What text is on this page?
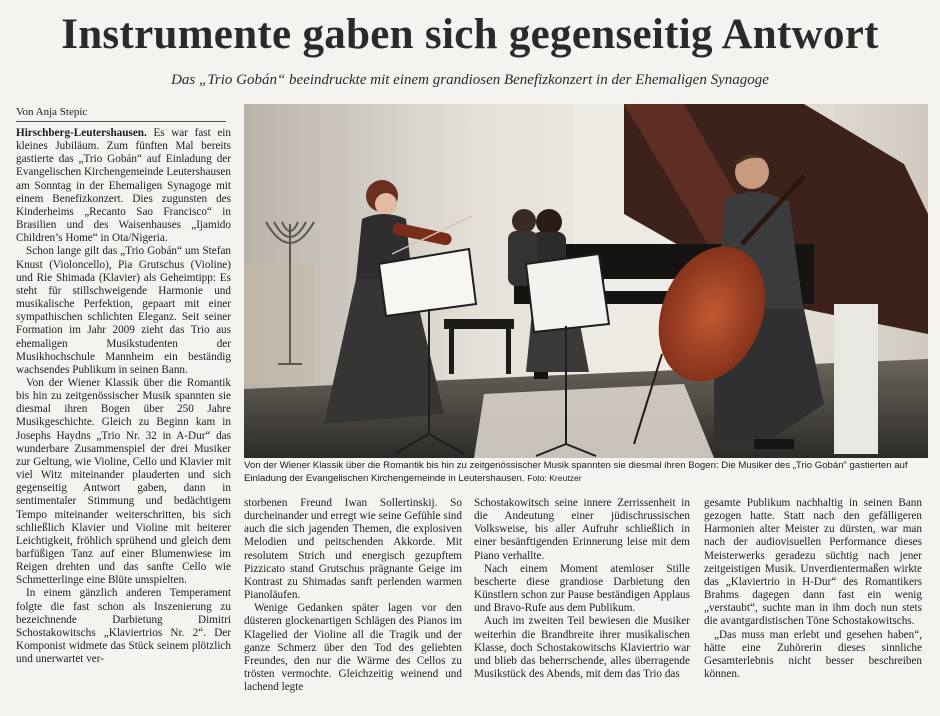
Instrumente gaben sich gegenseitig Antwort
Das „Trio Gobán“ beeindruckte mit einem grandiosen Benefizkonzert in der Ehemaligen Synagoge
Von Anja Stepic

Hirschberg-Leutershausen. Es war fast ein kleines Jubiläum. Zum fünften Mal bereits gastierte das „Trio Gobán“ auf Einladung der Evangelischen Kirchengemeinde Leutershausen am Sonntag in der Ehemaligen Synagoge mit einem Benefizkonzert. Dies zugunsten des Kinderheims „Recanto Sao Francisco“ in Brasilien und des Waisenhauses „Ijamido Children’s Home“ in Ota/Nigeria.

Schon lange gilt das „Trio Gobán“ um Stefan Knust (Violoncello), Pia Grutschus (Violine) und Rie Shimada (Klavier) als Geheimtipp: Es steht für stillschweigende Harmonie und musikalische Perfektion, gepaart mit einer sympathischen schlichten Eleganz. Seit seiner Formation im Jahr 2009 zieht das Trio aus ehemaligen Musikstudenten der Musikhochschule Mannheim ein beständig wachsendes Publikum in seinen Bann.

Von der Wiener Klassik über die Romantik bis hin zu zeitgenössischer Musik spannten sie diesmal ihren Bogen über 250 Jahre Musikgeschichte. Gleich zu Beginn kam in Josephs Haydns „Trio Nr. 32 in A-Dur“ das wunderbare Zusammenspiel der drei Musiker zur Geltung, wie Violine, Cello und Klavier mit viel Witz miteinander plauderten und sich gegenseitig Antwort gaben, dann in sentimentaler Stimmung und bedächtigem Tempo miteinander weiterschritten, bis sich schließlich Klavier und Violine mit heiterer Leichtigkeit, fröhlich sprühend und gleich dem barfüßigen Tanz auf einer Blumenwiese im Reigen drehten und das sanfte Cello wie Schmetterlinge eine Blüte umspielten.

In einem gänzlich anderen Temperament folgte die fast schon als Inszenierung zu bezeichnende Darbietung Dimitri Schostakowitschs „Klaviertrios Nr. 2“. Der Komponist widmete das Stück seinem plötzlich und unerwartet ver-

Von der Wiener Klassik über die Romantik bis hin zu zeitgenössischer Musik spannten sie diesmal ihren Bogen: Die Musiker des „Trio Gobán“ gastierten auf Einladung der Evangelischen Kirchengemeinde in Leutershausen. Foto: Kreutzer

storbenen Freund Iwan Sollertinskij. So durcheinander und erregt wie seine Gefühle sind auch die sich jagenden Themen, die explosiven Melodien und peitschenden Akkorde. Mit resolutem Strich und energisch gezupftem Pizzicato stand Grutschus prägnante Geige im Kontrast zu Shimadas sanft perlenden warmen Pianoläufen.

Wenige Gedanken später lagen vor den düsteren glockenartigen Schlägen des Pianos im Klagelied der Violine all die Tragik und der ganze Schmerz über den Tod des geliebten Freundes, den nur die Wärme des Cellos zu trösten vermochte. Gleichzeitig weinend und lachend legte

Schostakowitsch seine innere Zerrissenheit in die Andeutung einer jüdischrussischen Volksweise, bis aller Aufruhr schließlich in einer besänftigenden Erinnerung leise mit dem Piano verhallte.

Nach einem Moment atemloser Stille bescherte diese grandiose Darbietung den Künstlern schon zur Pause beständigen Applaus und Bravo-Rufe aus dem Publikum.

Auch im zweiten Teil bewiesen die Musiker weiterhin die Brandbreite ihrer musikalischen Klasse, doch Schostakowitschs Klaviertrio war und blieb das beherrschende, alles überragende Musikstück des Abends, mit dem das Trio das

gesamte Publikum nachhaltig in seinen Bann gezogen hatte. Statt nach den gefälligeren Harmonien alter Meister zu dürsten, war man nach der audiovisuellen Performance dieses Meisterwerks geradezu süchtig nach jener zeitgeistigen Musik. Unverdientermaßen wirkte das „Klaviertrio in H-Dur“ des Romantikers Brahms dagegen dann fast ein wenig „verstaubt“, suchte man in ihm doch nun stets die avantgardistischen Töne Schostakowitschs.

„Das muss man erlebt und gesehen haben“, hätte eine Zuhörerin dieses sinnliche Gesamterlebnis nicht besser beschreiben können.
